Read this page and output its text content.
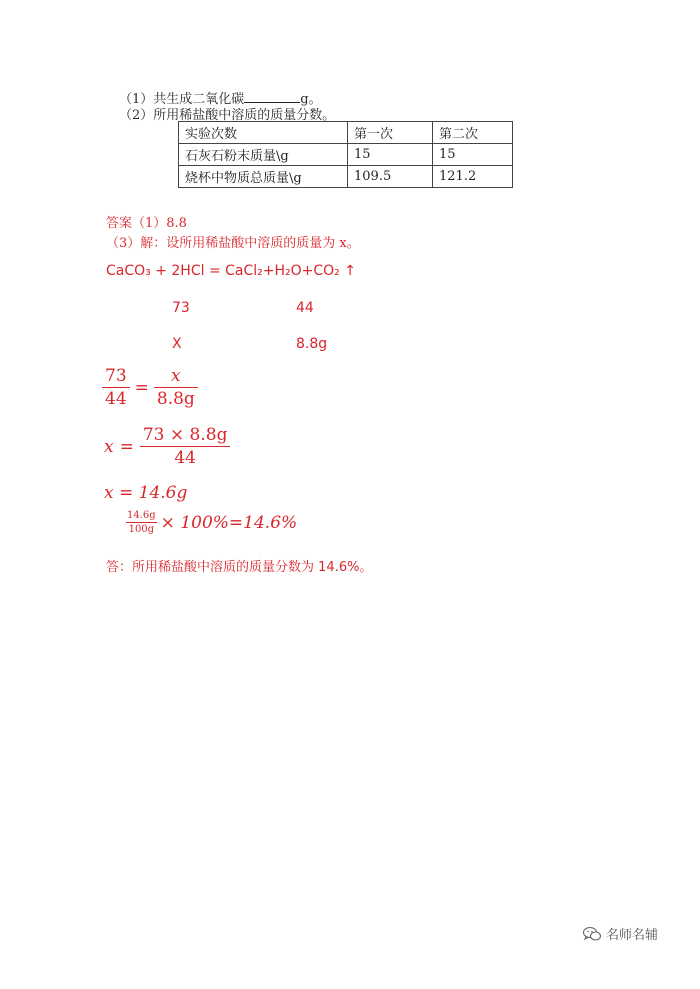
（1）共生成二氧化碳	g。
（2）所用稀盐酸中溶质的质量分数。
实验次数	第一次	第二次
石灰石粉末质量\g	15	15
烧杯中物质总质量\g	109.5	121.2
答案（1）8.8
（3）解：设所用稀盐酸中溶质的质量为 x。
CaCO₃ + 2HCl = CaCl₂+H₂O+CO₂ ↑
73	44
X	8.8g
$\frac{73}{44} = \frac{x}{8.8g}$
$x = \frac{73 \times 8.8g}{44}$
x = 14.6g
$\frac{14.6g}{100g} \times 100\%=14.6\%$
答：所用稀盐酸中溶质的质量分数为 14.6%。
名师名辅
